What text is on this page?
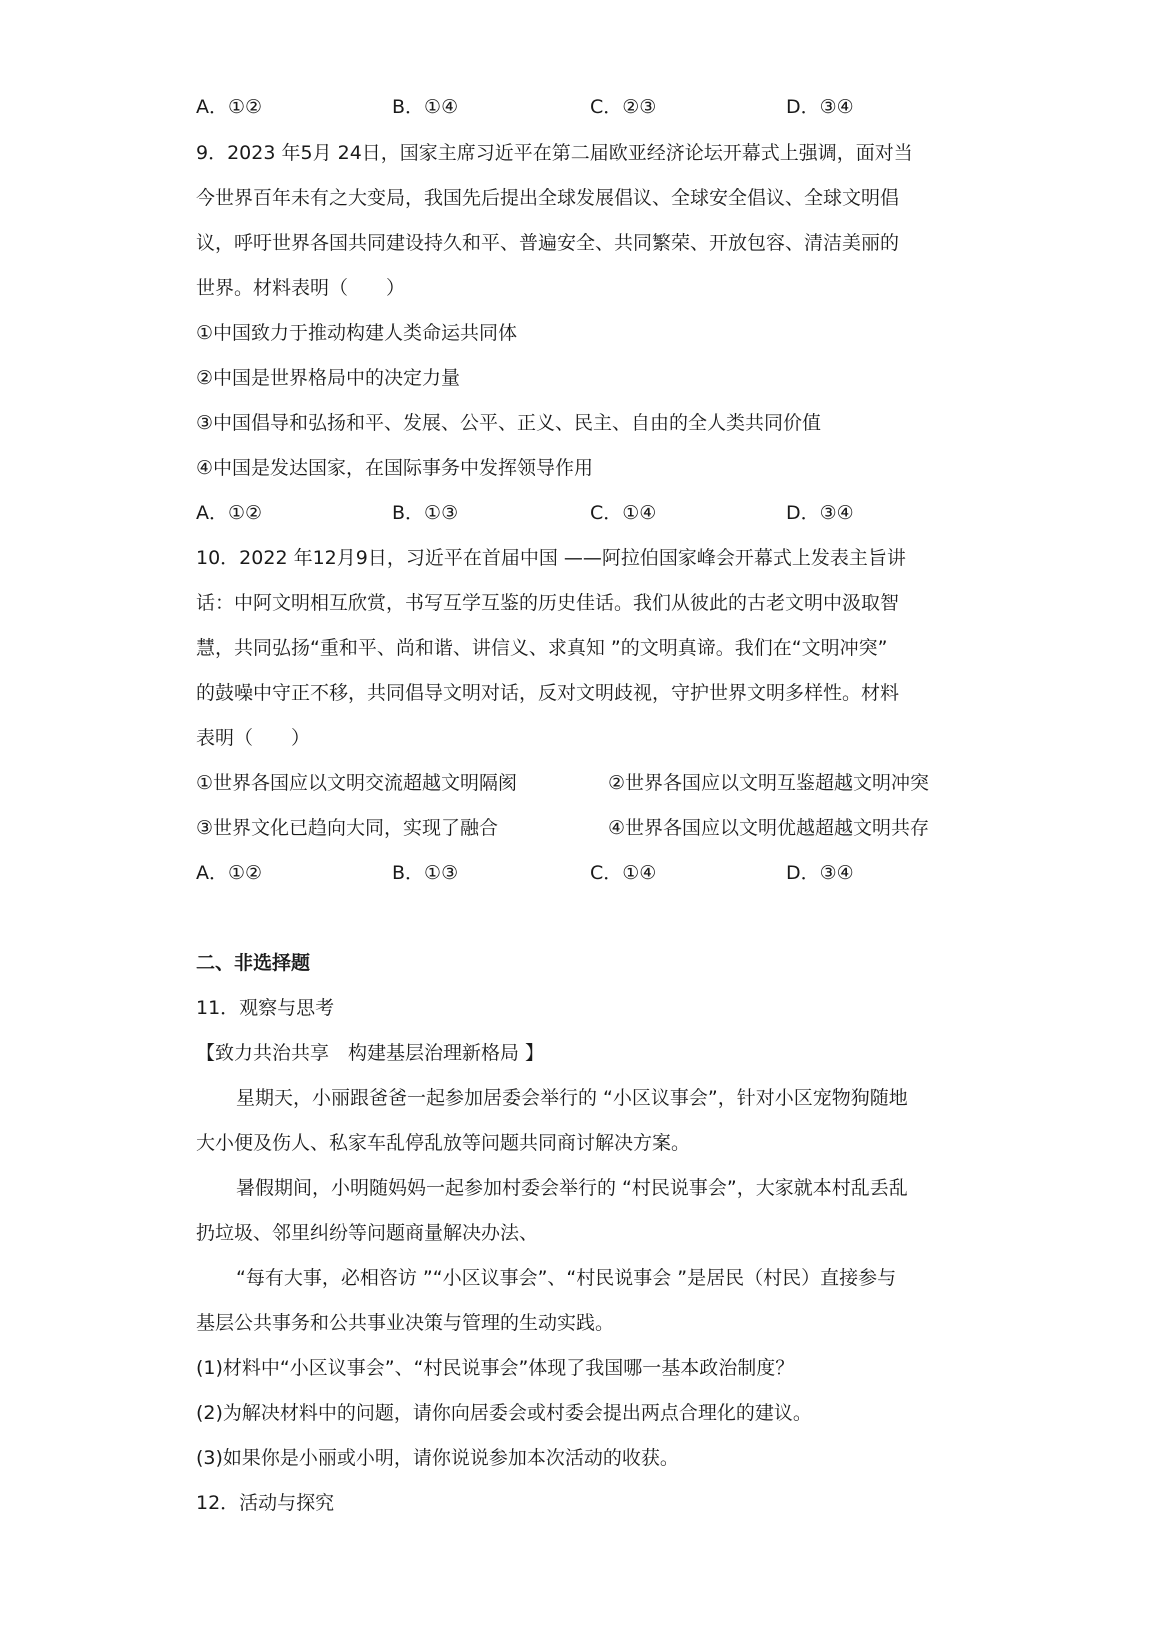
A．①②	B．①④	C．②③	D．③④
9．2023 年5月 24日，国家主席习近平在第二届欧亚经济论坛开幕式上强调，面对当
今世界百年未有之大变局，我国先后提出全球发展倡议、全球安全倡议、全球文明倡
议，呼吁世界各国共同建设持久和平、普遍安全、共同繁荣、开放包容、清洁美丽的
世界。材料表明（　　）
①中国致力于推动构建人类命运共同体
②中国是世界格局中的决定力量
③中国倡导和弘扬和平、发展、公平、正义、民主、自由的全人类共同价值
④中国是发达国家，在国际事务中发挥领导作用
A．①②	B．①③	C．①④	D．③④
10．2022 年12月9日，习近平在首届中国 ——阿拉伯国家峰会开幕式上发表主旨讲
话：中阿文明相互欣赏，书写互学互鉴的历史佳话。我们从彼此的古老文明中汲取智
慧，共同弘扬“重和平、尚和谐、讲信义、求真知 ”的文明真谛。我们在“文明冲突”
的鼓噪中守正不移，共同倡导文明对话，反对文明歧视，守护世界文明多样性。材料
表明（　　）
①世界各国应以文明交流超越文明隔阂	②世界各国应以文明互鉴超越文明冲突
③世界文化已趋向大同，实现了融合	④世界各国应以文明优越超越文明共存
A．①②	B．①③	C．①④	D．③④
二、非选择题
11．观察与思考
【致力共治共享　构建基层治理新格局 】
星期天，小丽跟爸爸一起参加居委会举行的 “小区议事会”，针对小区宠物狗随地
大小便及伤人、私家车乱停乱放等问题共同商讨解决方案。
暑假期间，小明随妈妈一起参加村委会举行的 “村民说事会”，大家就本村乱丢乱
扔垃圾、邻里纠纷等问题商量解决办法、
“每有大事，必相咨访 ”“小区议事会”、“村民说事会 ”是居民（村民）直接参与
基层公共事务和公共事业决策与管理的生动实践。
(1)材料中“小区议事会”、“村民说事会”体现了我国哪一基本政治制度？
(2)为解决材料中的问题，请你向居委会或村委会提出两点合理化的建议。
(3)如果你是小丽或小明，请你说说参加本次活动的收获。
12．活动与探究
